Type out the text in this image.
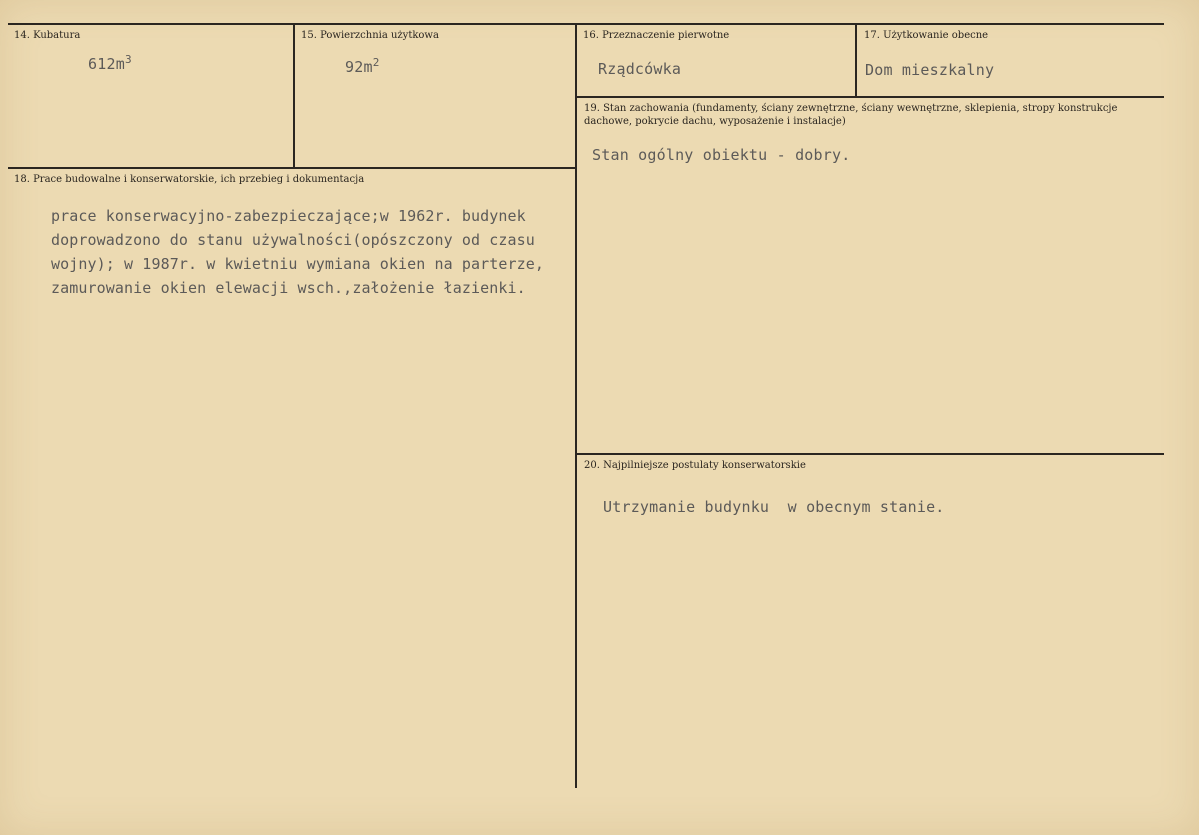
14. Kubatura
$612m^3$
15. Powierzchnia użytkowa
$92m^2$
16. Przeznaczenie pierwotne
Rządcówka
17. Użytkowanie obecne
Dom mieszkalny
19. Stan zachowania (fundamenty, ściany zewnętrzne, ściany wewnętrzne, sklepienia, stropy konstrukcje dachowe, pokrycie dachu, wyposażenie i instalacje)
Stan ogólny obiektu - dobry.
18. Prace budowalne i konserwatorskie, ich przebieg i dokumentacja
prace konserwacyjno-zabezpieczające;w 1962r. budynek
doprowadzono do stanu używalności(opószczony od czasu
wojny); w 1987r. w kwietniu wymiana okien na parterze,
zamurowanie okien elewacji wsch.,założenie łazienki.
20. Najpilniejsze postulaty konserwatorskie
Utrzymanie budynku  w obecnym stanie.
